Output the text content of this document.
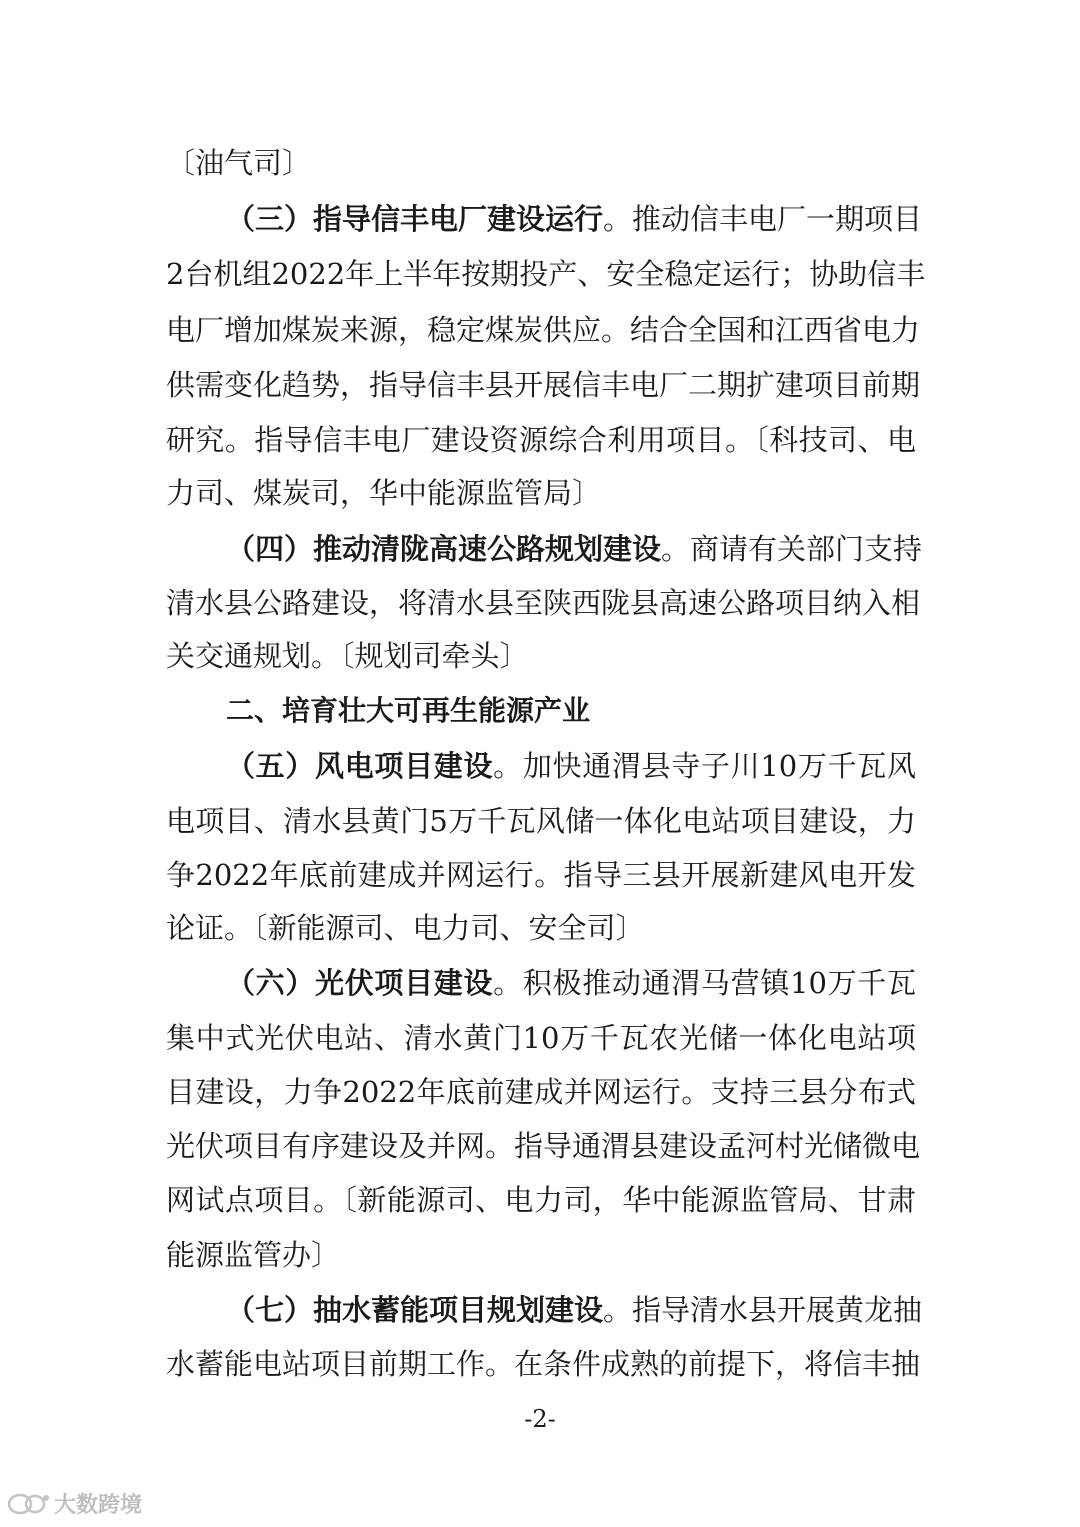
〔油气司〕
（三）指导信丰电厂建设运行。推动信丰电厂一期项目
2台机组2022年上半年按期投产、安全稳定运行；协助信丰
电厂增加煤炭来源，稳定煤炭供应。结合全国和江西省电力
供需变化趋势，指导信丰县开展信丰电厂二期扩建项目前期
研究。指导信丰电厂建设资源综合利用项目。〔科技司、电
力司、煤炭司，华中能源监管局〕
（四）推动清陇高速公路规划建设。商请有关部门支持
清水县公路建设，将清水县至陕西陇县高速公路项目纳入相
关交通规划。〔规划司牵头〕
二、培育壮大可再生能源产业
（五）风电项目建设。加快通渭县寺子川10万千瓦风
电项目、清水县黄门5万千瓦风储一体化电站项目建设，力
争2022年底前建成并网运行。指导三县开展新建风电开发
论证。〔新能源司、电力司、安全司〕
（六）光伏项目建设。积极推动通渭马营镇10万千瓦
集中式光伏电站、清水黄门10万千瓦农光储一体化电站项
目建设，力争2022年底前建成并网运行。支持三县分布式
光伏项目有序建设及并网。指导通渭县建设孟河村光储微电
网试点项目。〔新能源司、电力司，华中能源监管局、甘肃
能源监管办〕
（七）抽水蓄能项目规划建设。指导清水县开展黄龙抽
水蓄能电站项目前期工作。在条件成熟的前提下，将信丰抽
-2-
大数跨境
